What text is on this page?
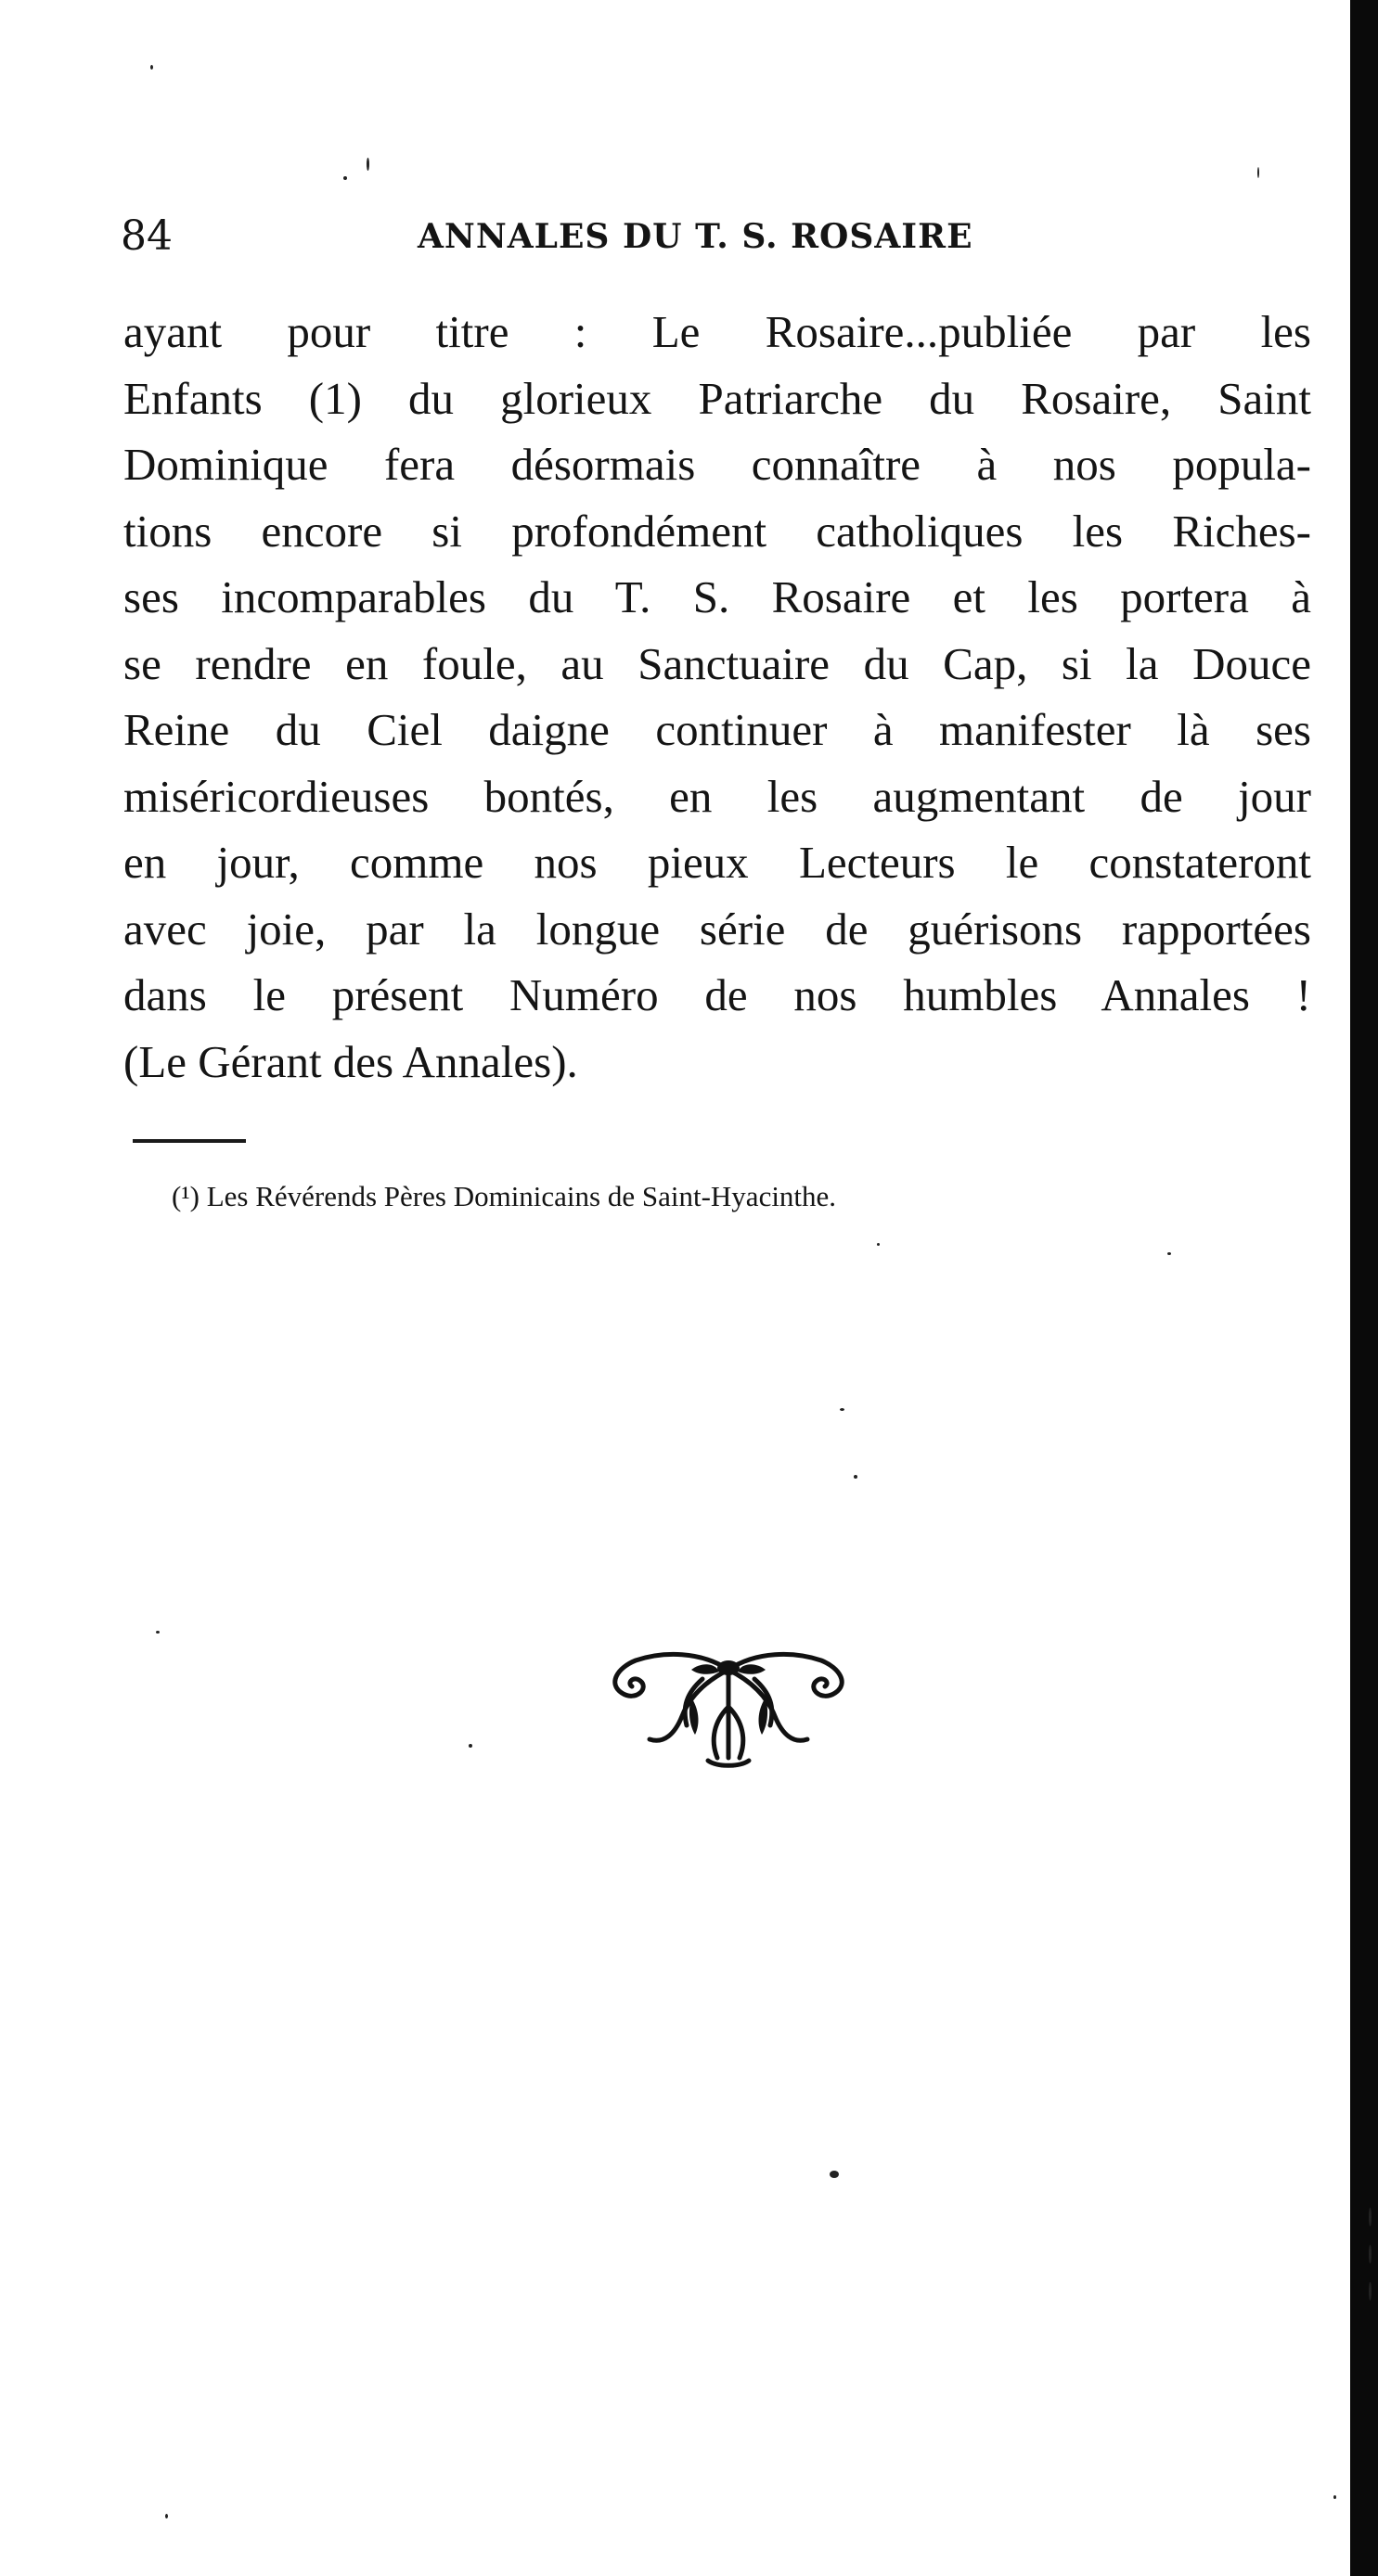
84	ANNALES DU T. S. ROSAIRE
ayant pour titre : Le Rosaire...publiée par les
Enfants (1) du glorieux Patriarche du Rosaire, Saint
Dominique fera désormais connaître à nos popula-
tions encore si profondément catholiques les Riches-
ses incomparables du T. S. Rosaire et les portera à
se rendre en foule, au Sanctuaire du Cap, si la Douce
Reine du Ciel daigne continuer à manifester là ses
miséricordieuses bontés, en les augmentant de jour
en jour, comme nos pieux Lecteurs le constateront
avec joie, par la longue série de guérisons rapportées
dans le présent Numéro de nos humbles Annales !
(Le Gérant des Annales).
(¹) Les Révérends Pères Dominicains de Saint-Hyacinthe.
